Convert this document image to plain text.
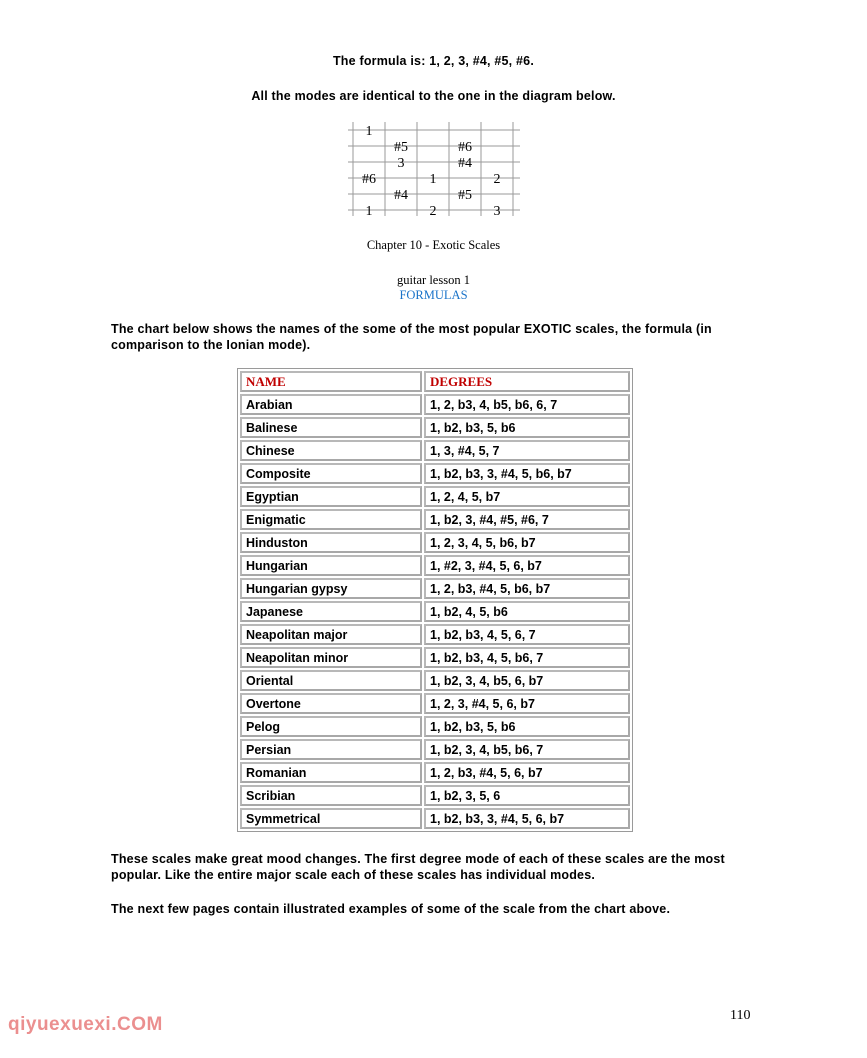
The formula is: 1, 2, 3, #4, #5, #6.
All the modes are identical to the one in the diagram below.
1
#5	#6
3	#4
#6	1	2
#4	#5
1	2	3
Chapter 10 - Exotic Scales
guitar lesson 1
FORMULAS
The chart below shows the names of the some of the most popular EXOTIC scales, the formula (in comparison to the Ionian mode).
NAME	DEGREES
Arabian	1, 2, b3, 4, b5, b6, 6, 7
Balinese	1, b2, b3, 5, b6
Chinese	1, 3, #4, 5, 7
Composite	1, b2, b3, 3, #4, 5, b6, b7
Egyptian	1, 2, 4, 5, b7
Enigmatic	1, b2, 3, #4, #5, #6, 7
Hinduston	1, 2, 3, 4, 5, b6, b7
Hungarian	1, #2, 3, #4, 5, 6, b7
Hungarian gypsy	1, 2, b3, #4, 5, b6, b7
Japanese	1, b2, 4, 5, b6
Neapolitan major	1, b2, b3, 4, 5, 6, 7
Neapolitan minor	1, b2, b3, 4, 5, b6, 7
Oriental	1, b2, 3, 4, b5, 6, b7
Overtone	1, 2, 3, #4, 5, 6, b7
Pelog	1, b2, b3, 5, b6
Persian	1, b2, 3, 4, b5, b6, 7
Romanian	1, 2, b3, #4, 5, 6, b7
Scribian	1, b2, 3, 5, 6
Symmetrical	1, b2, b3, 3, #4, 5, 6, b7
These scales make great mood changes. The first degree mode of each of these scales are the most popular. Like the entire major scale each of these scales has individual modes.
The next few pages contain illustrated examples of some of the scale from the chart above.
110
qiyuexuexi.COM
